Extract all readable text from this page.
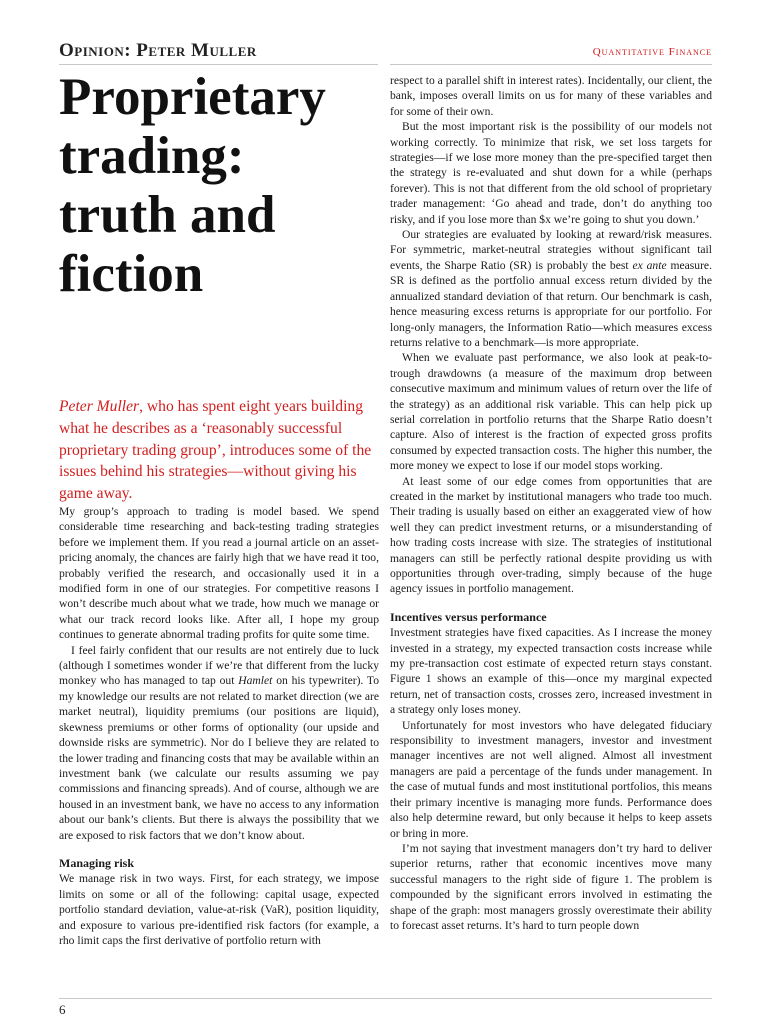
Opinion: Peter Muller	Quantitative Finance
Proprietary
trading:
truth and
fiction

Peter Muller, who has spent eight years building what he describes as a ‘reasonably successful proprietary trading group’, introduces some of the issues behind his strategies—without giving his game away.

My group’s approach to trading is model based. We spend considerable time researching and back-testing trading strategies before we implement them. If you read a journal article on an asset-pricing anomaly, the chances are fairly high that we have read it too, probably verified the research, and occasionally used it in a modified form in one of our strategies. For competitive reasons I won’t describe much about what we trade, how much we manage or what our track record looks like. After all, I hope my group continues to generate abnormal trading profits for quite some time.

I feel fairly confident that our results are not entirely due to luck (although I sometimes wonder if we’re that different from the lucky monkey who has managed to tap out Hamlet on his typewriter). To my knowledge our results are not related to market direction (we are market neutral), liquidity premiums (our positions are liquid), skewness premiums or other forms of optionality (our upside and downside risks are symmetric). Nor do I believe they are related to the lower trading and financing costs that may be available within an investment bank (we calculate our results assuming we pay commissions and financing spreads). And of course, although we are housed in an investment bank, we have no access to any information about our bank’s clients. But there is always the possibility that we are exposed to risk factors that we don’t know about.

Managing risk

We manage risk in two ways. First, for each strategy, we impose limits on some or all of the following: capital usage, expected portfolio standard deviation, value-at-risk (VaR), position liquidity, and exposure to various pre-identified risk factors (for example, a rho limit caps the first derivative of portfolio return with

respect to a parallel shift in interest rates). Incidentally, our client, the bank, imposes overall limits on us for many of these variables and for some of their own.

But the most important risk is the possibility of our models not working correctly. To minimize that risk, we set loss targets for strategies—if we lose more money than the pre-specified target then the strategy is re-evaluated and shut down for a while (perhaps forever). This is not that different from the old school of proprietary trader management: ‘Go ahead and trade, don’t do anything too risky, and if you lose more than $x we’re going to shut you down.’

Our strategies are evaluated by looking at reward/risk measures. For symmetric, market-neutral strategies without significant tail events, the Sharpe Ratio (SR) is probably the best ex ante measure. SR is defined as the portfolio annual excess return divided by the annualized standard deviation of that return. Our benchmark is cash, hence measuring excess returns is appropriate for our portfolio. For long-only managers, the Information Ratio—which measures excess returns relative to a benchmark—is more appropriate.

When we evaluate past performance, we also look at peak-to-trough drawdowns (a measure of the maximum drop between consecutive maximum and minimum values of return over the life of the strategy) as an additional risk variable. This can help pick up serial correlation in portfolio returns that the Sharpe Ratio doesn’t capture. Also of interest is the fraction of expected gross profits consumed by expected transaction costs. The higher this number, the more money we expect to lose if our model stops working.

At least some of our edge comes from opportunities that are created in the market by institutional managers who trade too much. Their trading is usually based on either an exaggerated view of how well they can predict investment returns, or a misunderstanding of how trading costs increase with size. The strategies of institutional managers can still be perfectly rational despite providing us with opportunities through over-trading, simply because of the huge agency issues in portfolio management.

Incentives versus performance

Investment strategies have fixed capacities. As I increase the money invested in a strategy, my expected transaction costs increase while my pre-transaction cost estimate of expected return stays constant. Figure 1 shows an example of this—once my marginal expected return, net of transaction costs, crosses zero, increased investment in a strategy only loses money.

Unfortunately for most investors who have delegated fiduciary responsibility to investment managers, investor and investment manager incentives are not well aligned. Almost all investment managers are paid a percentage of the funds under management. In the case of mutual funds and most institutional portfolios, this means their primary incentive is managing more funds. Performance does also help determine reward, but only because it helps to keep assets or bring in more.

I’m not saying that investment managers don’t try hard to deliver superior returns, rather that economic incentives move many successful managers to the right side of figure 1. The problem is compounded by the significant errors involved in estimating the shape of the graph: most managers grossly overestimate their ability to forecast asset returns. It’s hard to turn people down

6
